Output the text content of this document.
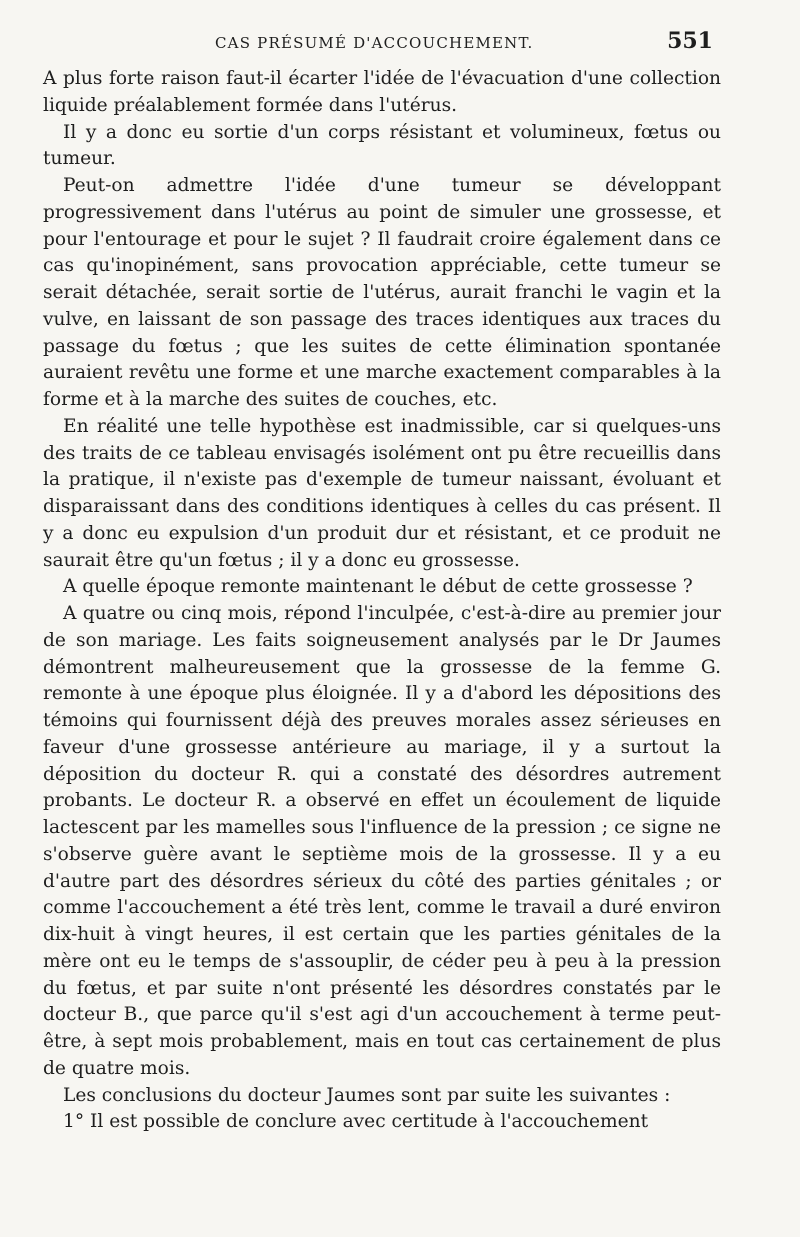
CAS PRÉSUMÉ D'ACCOUCHEMENT.	551

A plus forte raison faut-il écarter l'idée de l'évacuation d'une collection liquide préalablement formée dans l'utérus.

Il y a donc eu sortie d'un corps résistant et volumineux, fœtus ou tumeur.

Peut-on admettre l'idée d'une tumeur se développant progressivement dans l'utérus au point de simuler une grossesse, et pour l'entourage et pour le sujet ? Il faudrait croire également dans ce cas qu'inopinément, sans provocation appréciable, cette tumeur se serait détachée, serait sortie de l'utérus, aurait franchi le vagin et la vulve, en laissant de son passage des traces identiques aux traces du passage du fœtus ; que les suites de cette élimination spontanée auraient revêtu une forme et une marche exactement comparables à la forme et à la marche des suites de couches, etc.

En réalité une telle hypothèse est inadmissible, car si quelques-uns des traits de ce tableau envisagés isolément ont pu être recueillis dans la pratique, il n'existe pas d'exemple de tumeur naissant, évoluant et disparaissant dans des conditions identiques à celles du cas présent. Il y a donc eu expulsion d'un produit dur et résistant, et ce produit ne saurait être qu'un fœtus ; il y a donc eu grossesse.

A quelle époque remonte maintenant le début de cette grossesse ?

A quatre ou cinq mois, répond l'inculpée, c'est-à-dire au premier jour de son mariage. Les faits soigneusement analysés par le Dr Jaumes démontrent malheureusement que la grossesse de la femme G. remonte à une époque plus éloignée. Il y a d'abord les dépositions des témoins qui fournissent déjà des preuves morales assez sérieuses en faveur d'une grossesse antérieure au mariage, il y a surtout la déposition du docteur R. qui a constaté des désordres autrement probants. Le docteur R. a observé en effet un écoulement de liquide lactescent par les mamelles sous l'influence de la pression ; ce signe ne s'observe guère avant le septième mois de la grossesse. Il y a eu d'autre part des désordres sérieux du côté des parties génitales ; or comme l'accouchement a été très lent, comme le travail a duré environ dix-huit à vingt heures, il est certain que les parties génitales de la mère ont eu le temps de s'assouplir, de céder peu à peu à la pression du fœtus, et par suite n'ont présenté les désordres constatés par le docteur B., que parce qu'il s'est agi d'un accouchement à terme peut-être, à sept mois probablement, mais en tout cas certainement de plus de quatre mois.

Les conclusions du docteur Jaumes sont par suite les suivantes :

1° Il est possible de conclure avec certitude à l'accouchement
